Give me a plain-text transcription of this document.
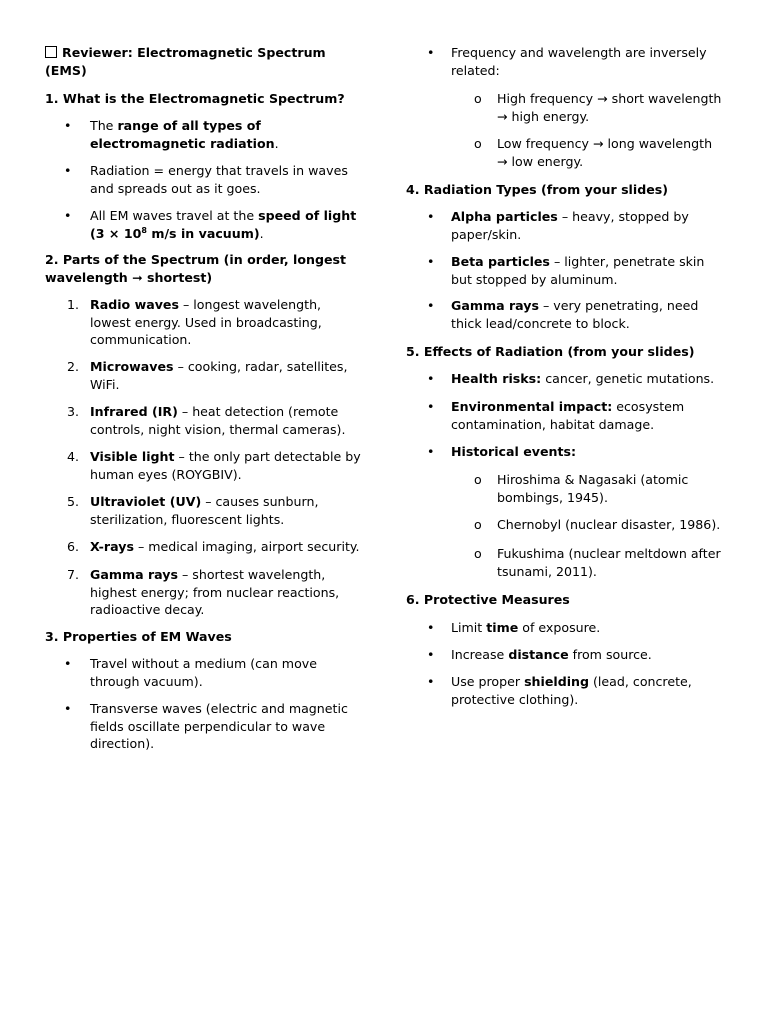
Reviewer: Electromagnetic Spectrum
(EMS)
1. What is the Electromagnetic Spectrum?
• The range of all types of
electromagnetic radiation.
• Radiation = energy that travels in waves
and spreads out as it goes.
• All EM waves travel at the speed of light
($3 \times 10^8$ m/s in vacuum).
2. Parts of the Spectrum (in order, longest
wavelength ➞ shortest)
1. Radio waves – longest wavelength,
lowest energy. Used in broadcasting,
communication.
2. Microwaves – cooking, radar, satellites,
WiFi.
3. Infrared (IR) – heat detection (remote
controls, night vision, thermal cameras).
4. Visible light – the only part detectable by
human eyes (ROYGBIV).
5. Ultraviolet (UV) – causes sunburn,
sterilization, fluorescent lights.
6. X-rays – medical imaging, airport security.
7. Gamma rays – shortest wavelength,
highest energy; from nuclear reactions,
radioactive decay.
3. Properties of EM Waves
• Travel without a medium (can move
through vacuum).
• Transverse waves (electric and magnetic
fields oscillate perpendicular to wave
direction).
• Frequency and wavelength are inversely
related:
o High frequency → short wavelength
→ high energy.
o Low frequency → long wavelength
→ low energy.
4. Radiation Types (from your slides)
• Alpha particles – heavy, stopped by
paper/skin.
• Beta particles – lighter, penetrate skin
but stopped by aluminum.
• Gamma rays – very penetrating, need
thick lead/concrete to block.
5. Effects of Radiation (from your slides)
• Health risks: cancer, genetic mutations.
• Environmental impact: ecosystem
contamination, habitat damage.
• Historical events:
o Hiroshima & Nagasaki (atomic
bombings, 1945).
o Chernobyl (nuclear disaster, 1986).
o Fukushima (nuclear meltdown after
tsunami, 2011).
6. Protective Measures
• Limit time of exposure.
• Increase distance from source.
• Use proper shielding (lead, concrete,
protective clothing).
